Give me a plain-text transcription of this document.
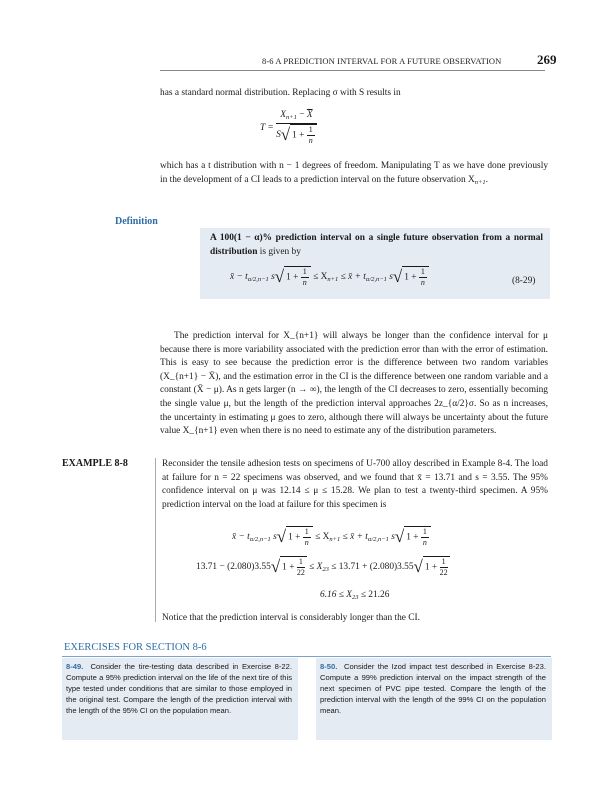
8-6 A PREDICTION INTERVAL FOR A FUTURE OBSERVATION	269
has a standard normal distribution. Replacing σ with S results in
$T = \frac{X_{n+1} - \overline{X}}{S√ 1 + \frac{1}{n}}$
which has a t distribution with n − 1 degrees of freedom. Manipulating T as we have done previously in the development of a CI leads to a prediction interval on the future observation $X_{n+1}$.
Definition
A 100(1 − α)% prediction interval on a single future observation from a normal distribution is given by
x̄ − $t_{\alpha/2,n-1}$ s√ $1 + \frac{1}{n} \le X_{n+1}$ ≤ x̄ + $t_{\alpha/2,n-1}$ s√ $1 + \frac{1}{n}$	(8-29)
The prediction interval for X_{n+1} will always be longer than the confidence interval for μ because there is more variability associated with the prediction error than with the error of estimation. This is easy to see because the prediction error is the difference between two random variables (X_{n+1} − X̄), and the estimation error in the CI is the difference between one random variable and a constant (X̄ − μ). As n gets larger (n → ∞), the length of the CI decreases to zero, essentially becoming the single value μ, but the length of the prediction interval approaches 2z_{α/2}σ. So as n increases, the uncertainty in estimating μ goes to zero, although there will always be uncertainty about the future value X_{n+1} even when there is no need to estimate any of the distribution parameters.
EXAMPLE 8-8	Reconsider the tensile adhesion tests on specimens of U-700 alloy described in Example 8-4. The load at failure for n = 22 specimens was observed, and we found that x̄ = 13.71 and s = 3.55. The 95% confidence interval on μ was 12.14 ≤ μ ≤ 15.28. We plan to test a twenty-third specimen. A 95% prediction interval on the load at failure for this specimen is
x̄ − $t_{\alpha/2,n-1}$ s√ $1 + \frac{1}{n} \le X_{n+1}$ ≤ x̄ + $t_{\alpha/2,n-1}$ s√ $1 + \frac{1}{n}$
13.71 − (2.080)3.55√ $1 + \frac{1}{22} \le X_{23} \le 13.71 + (2.080)3.55√$ $1 + \frac{1}{22}$
$6.16 \le X_{23} \le 21.26$
Notice that the prediction interval is considerably longer than the CI.
EXERCISES FOR SECTION 8-6
8-49. Consider the tire-testing data described in Exercise 8-22. Compute a 95% prediction interval on the life of the next tire of this type tested under conditions that are similar to those employed in the original test. Compare the length of the prediction interval with the length of the 95% CI on the population mean.
8-50. Consider the Izod impact test described in Exercise 8-23. Compute a 99% prediction interval on the impact strength of the next specimen of PVC pipe tested. Compare the length of the prediction interval with the length of the 99% CI on the population mean.
